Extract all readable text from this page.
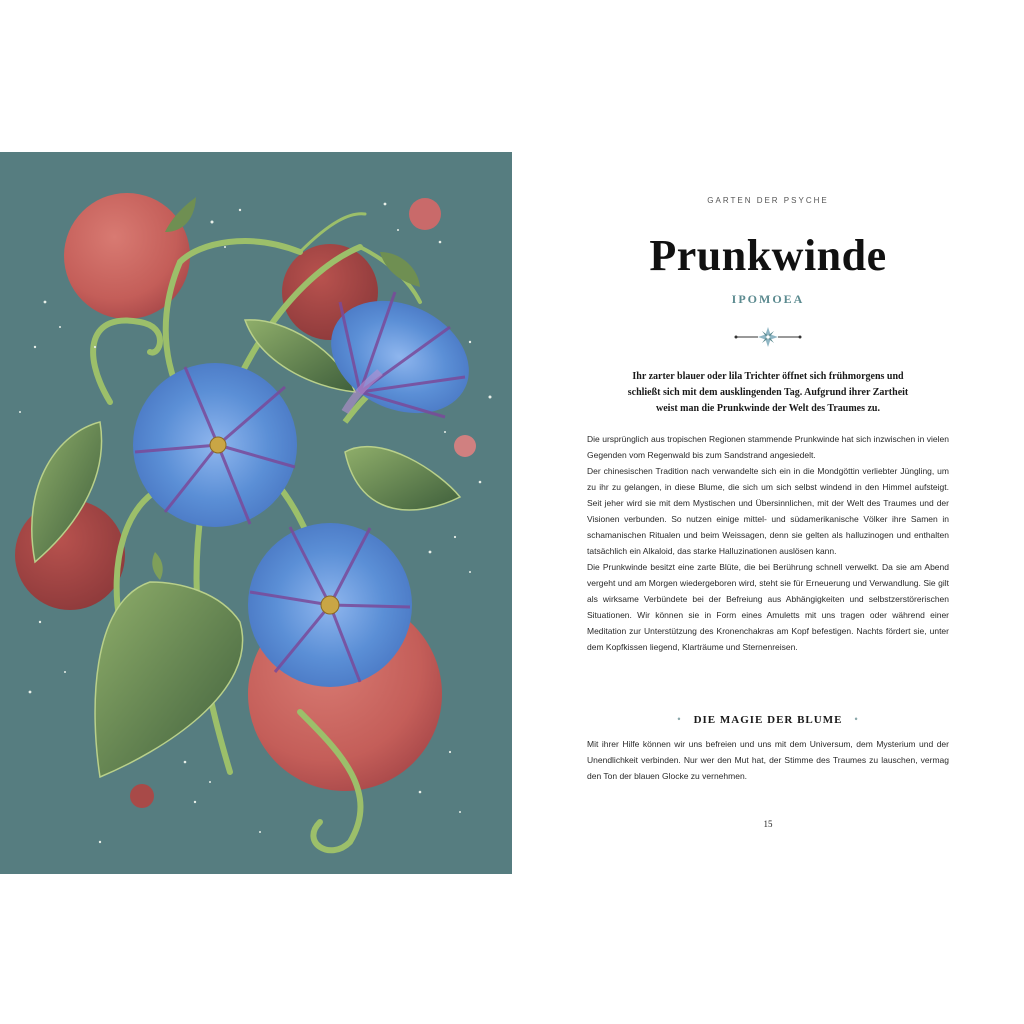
GARTEN DER PSYCHE
Prunkwinde
IPOMOEA
Ihr zarter blauer oder lila Trichter öffnet sich frühmorgens und
schließt sich mit dem ausklingenden Tag. Aufgrund ihrer Zartheit
weist man die Prunkwinde der Welt des Traumes zu.

Die ursprünglich aus tropischen Regionen stammende Prunkwinde hat sich inzwischen in vielen Gegenden vom Regenwald bis zum Sandstrand angesiedelt.

Der chinesischen Tradition nach verwandelte sich ein in die Mondgöttin verliebter Jüngling, um zu ihr zu gelangen, in diese Blume, die sich um sich selbst windend in den Himmel aufsteigt. Seit jeher wird sie mit dem Mystischen und Übersinnlichen, mit der Welt des Traumes und der Visionen verbunden. So nutzen einige mittel- und südamerikanische Völker ihre Samen in schamanischen Ritualen und beim Weissagen, denn sie gelten als halluzinogen und enthalten tatsächlich ein Alkaloid, das starke Halluzinationen auslösen kann.

Die Prunkwinde besitzt eine zarte Blüte, die bei Berührung schnell verwelkt. Da sie am Abend vergeht und am Morgen wiedergeboren wird, steht sie für Erneuerung und Verwandlung. Sie gilt als wirksame Verbündete bei der Befreiung aus Abhängigkeiten und selbstzerstörerischen Situationen. Wir können sie in Form eines Amuletts mit uns tragen oder während einer Meditation zur Unterstützung des Kronenchakras am Kopf befestigen. Nachts fördert sie, unter dem Kopfkissen liegend, Klarträume und Sternenreisen.

• DIE MAGIE DER BLUME •
Mit ihrer Hilfe können wir uns befreien und uns mit dem Universum, dem Mysterium und der Unendlichkeit verbinden. Nur wer den Mut hat, der Stimme des Traumes zu lauschen, vermag den Ton der blauen Glocke zu vernehmen.
15
